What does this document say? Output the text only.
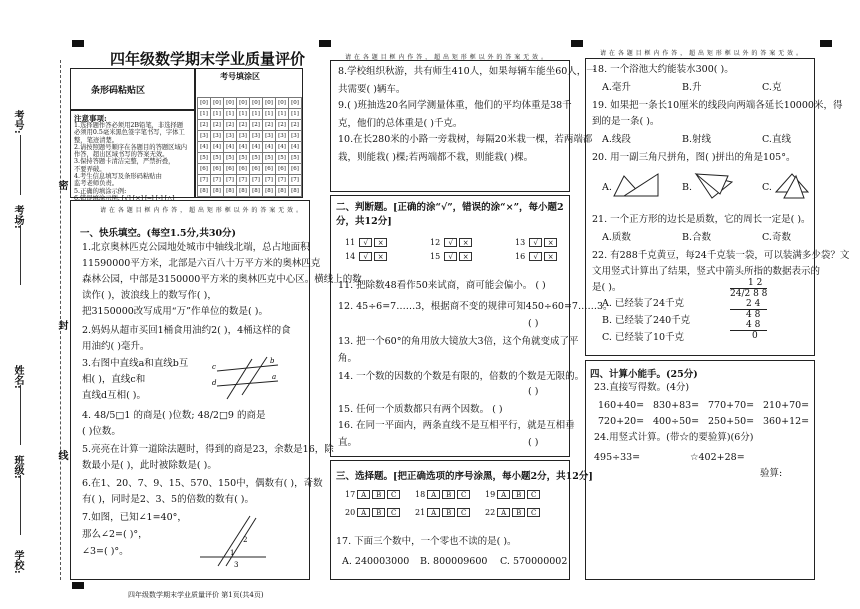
考号:
考场:
姓名:
班级:
学校:
密
封
线
四年级数学期末学业质量评价
条形码粘贴区
考号填涂区
[0]	[0]	[0]	[0]	[0]	[0]	[0]	[0]
[1]	[1]	[1]	[1]	[1]	[1]	[1]	[1]
[2]	[2]	[2]	[2]	[2]	[2]	[2]	[2]
[3]	[3]	[3]	[3]	[3]	[3]	[3]	[3]
[4]	[4]	[4]	[4]	[4]	[4]	[4]	[4]
[5]	[5]	[5]	[5]	[5]	[5]	[5]	[5]
[6]	[6]	[6]	[6]	[6]	[6]	[6]	[6]
[7]	[7]	[7]	[7]	[7]	[7]	[7]	[7]
[8]	[8]	[8]	[8]	[8]	[8]	[8]	[8]
注意事项:
1.选择题作答必须用2B铅笔，非选择题
必须用0.5毫米黑色签字笔书写，字体工
整，笔迹清楚。
2.请按照题号顺序在各题目的答题区域内
作答，超出区域书写的答案无效。
3.保持答题卡清洁完整，严禁折叠，
不要弄破。
4.考生信息填写及条形码粘贴由
监考老师负责。
5.正确的填涂示例:
6.错误填涂示例: [√] [×] [━] [-] [△]
请 在 各 题 目 框 内 作 答 ， 超 出 矩 形 框 以 外 的 答 案 无 效 。
一、快乐填空。(每空1.5分,共30分)
b
c
d
a
2
1
3
四年级数学期末学业质量评价 第1页(共4页)
请 在 各 题 目 框 内 作 答 ， 超 出 矩 形 框 以 外 的 答 案 无 效 。
二、判断题。[正确的涂“√”，错误的涂“×”，每小题2分，共12分]
11 √ ×	12 √ ×	13 √ ×
14 √ ×	15 √ ×	16 √ ×
三、选择题。[把正确选项的序号涂黑，每小题2分，共12分]
17 A B C	18 A B C	19 A B C
20 A B C	21 A B C	22 A B C
17. 下面三个数中，一个零也不读的是( )。
A. 240003000 B. 800009600 C. 570000002
请 在 各 题 目 框 内 作 答 ， 超 出 矩 形 框 以 外 的 答 案 无 效 。
1 2
24/2 8 8
2 4
4 8
4 8
0
四、计算小能手。(25分)
23.直接写得数。(4分)
24.用竖式计算。(带☆的要验算)(6分)
495÷33=	☆402+28=
验算:
1.北京奥林匹克公园地处城市中轴线北端，总占地面积
11590000平方米，北部是六百八十万平方米的奥林匹克
森林公园，中部是3150000平方米的奥林匹克中心区。横线上的数
读作( )，波浪线上的数写作( )，
把3150000改写成用“万”作单位的数是( )。
2.妈妈从超市买回1桶食用油约2( )，4桶这样的食
用油约( )毫升。
3.右图中直线a和直线b互
相( )，直线c和
直线d互相( )。
4. 48/5□1 的商是( )位数; 48/2□9 的商是
( )位数。
5.亮亮在计算一道除法题时，得到的商是23，余数是16，除
数最小是( )，此时被除数是( )。
6.在1、20、7、9、15、570、150中，偶数有( )，奇数
有( )，同时是2、3、5的倍数的数有( )。
7.如图，已知∠1=40°，
那么∠2=( )°，
∠3=( )°。
8.学校组织秋游，共有师生410人，如果每辆车能坐60人，一
共需要( )辆车。
9.( )班抽选20名同学测量体重，他们的平均体重是38千
克，他们的总体重是( )千克。
10.在长280米的小路一旁栽树，每隔20米栽一棵，若两端都
栽，则能栽( )棵;若两端都不栽，则能栽( )棵。
11. 把除数48看作50来试商，商可能会偏小。 ( )
12. 45÷6=7……3，根据商不变的规律可知450÷60=7……3。
( )
13. 把一个60°的角用放大镜放大3倍，这个角就变成了平
角。
14. 一个数的因数的个数是有限的，倍数的个数是无限的。
( )
15. 任何一个质数都只有两个因数。 ( )
16. 在同一平面内，两条直线不是互相平行，就是互相垂
直。	( )
18. 一个浴池大约能装水300( )。
A.毫升	B.升	C.克
19. 如果把一条长10厘米的线段向两端各延长10000米，得
到的是一条( )。
A.线段	B.射线	C.直线
20. 用一副三角尺拼角，图( )拼出的角是105°。
A.	B.	C.
21. 一个正方形的边长是质数，它的周长一定是( )。
A.质数	B.合数	C.奇数
22. 有288千克黄豆，每24千克装一袋，可以装满多少袋？文
文用竖式计算出了结果，竖式中箭头所指的数据表示的
是( )。
A. 已经装了24千克
B. 已经装了240千克
C. 已经装了10千克
160+40= 830+83= 770+70= 210+70=
720+20= 400÷50= 250+50= 360+12=
